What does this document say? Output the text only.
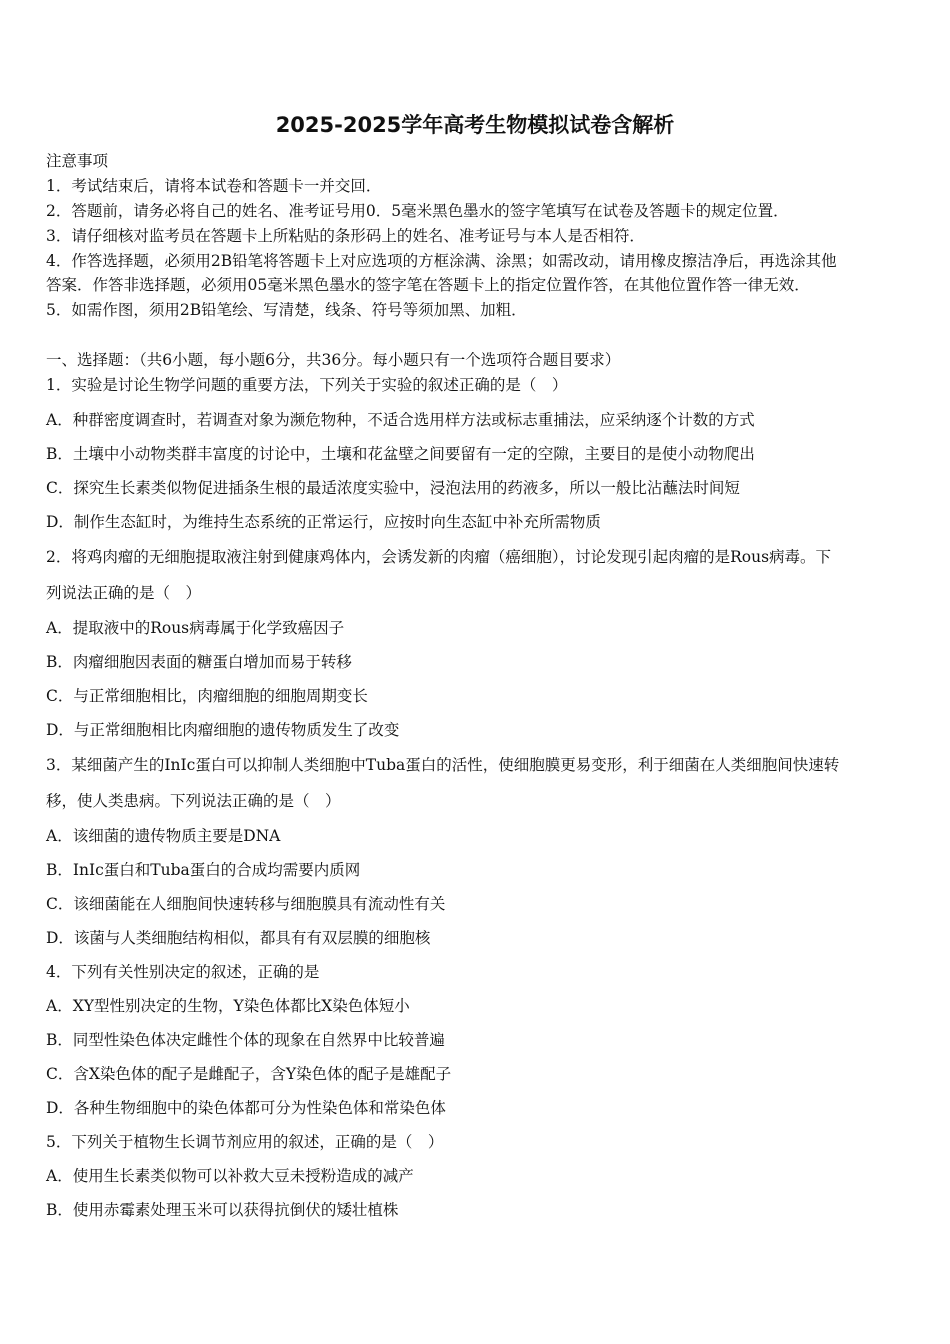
2025-2025学年高考生物模拟试卷含解析
注意事项
1．考试结束后，请将本试卷和答题卡一并交回．
2．答题前，请务必将自己的姓名、准考证号用0．5毫米黑色墨水的签字笔填写在试卷及答题卡的规定位置．
3．请仔细核对监考员在答题卡上所粘贴的条形码上的姓名、准考证号与本人是否相符．
4．作答选择题，必须用2B铅笔将答题卡上对应选项的方框涂满、涂黑；如需改动，请用橡皮擦洁净后，再选涂其他
答案．作答非选择题，必须用05毫米黑色墨水的签字笔在答题卡上的指定位置作答，在其他位置作答一律无效．
5．如需作图，须用2B铅笔绘、写清楚，线条、符号等须加黑、加粗．
一、选择题：（共6小题，每小题6分，共36分。每小题只有一个选项符合题目要求）
1．实验是讨论生物学问题的重要方法，下列关于实验的叙述正确的是（　）
A．种群密度调查时，若调查对象为濒危物种，不适合选用样方法或标志重捕法，应采纳逐个计数的方式
B．土壤中小动物类群丰富度的讨论中，土壤和花盆壁之间要留有一定的空隙，主要目的是使小动物爬出
C．探究生长素类似物促进插条生根的最适浓度实验中，浸泡法用的药液多，所以一般比沾蘸法时间短
D．制作生态缸时，为维持生态系统的正常运行，应按时向生态缸中补充所需物质
2．将鸡肉瘤的无细胞提取液注射到健康鸡体内，会诱发新的肉瘤（癌细胞），讨论发现引起肉瘤的是Rous病毒。下
列说法正确的是（　）
A．提取液中的Rous病毒属于化学致癌因子
B．肉瘤细胞因表面的糖蛋白增加而易于转移
C．与正常细胞相比，肉瘤细胞的细胞周期变长
D．与正常细胞相比肉瘤细胞的遗传物质发生了改变
3．某细菌产生的InIc蛋白可以抑制人类细胞中Tuba蛋白的活性，使细胞膜更易变形，利于细菌在人类细胞间快速转
移，使人类患病。下列说法正确的是（　）
A．该细菌的遗传物质主要是DNA
B．InIc蛋白和Tuba蛋白的合成均需要内质网
C．该细菌能在人细胞间快速转移与细胞膜具有流动性有关
D．该菌与人类细胞结构相似，都具有有双层膜的细胞核
4．下列有关性别决定的叙述，正确的是
A．XY型性别决定的生物，Y染色体都比X染色体短小
B．同型性染色体决定雌性个体的现象在自然界中比较普遍
C．含X染色体的配子是雌配子，含Y染色体的配子是雄配子
D．各种生物细胞中的染色体都可分为性染色体和常染色体
5．下列关于植物生长调节剂应用的叙述，正确的是（　）
A．使用生长素类似物可以补救大豆未授粉造成的减产
B．使用赤霉素处理玉米可以获得抗倒伏的矮壮植株
